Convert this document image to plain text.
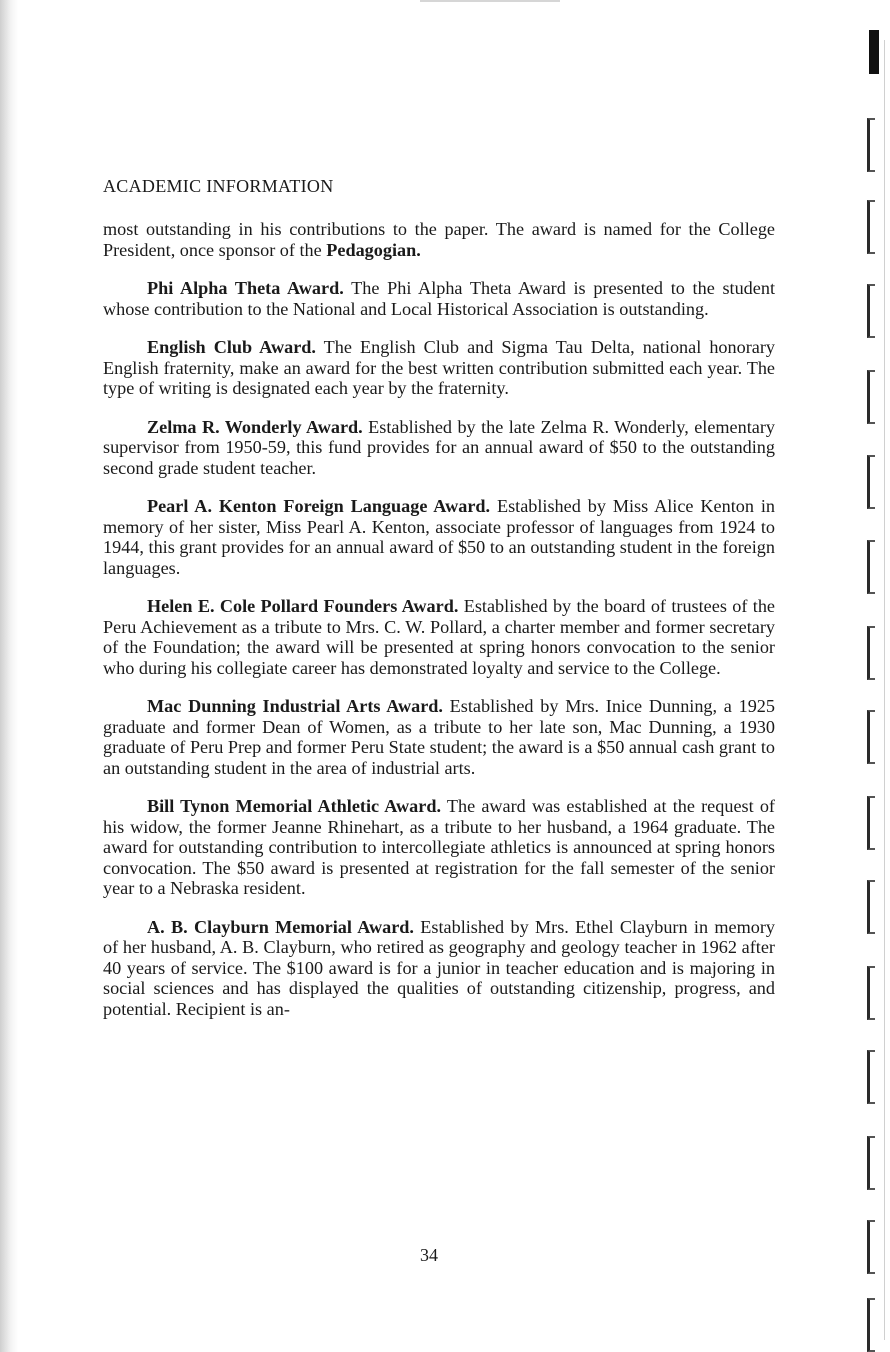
ACADEMIC INFORMATION

most outstanding in his contributions to the paper. The award is named for the College President, once sponsor of the Pedagogian.

Phi Alpha Theta Award. The Phi Alpha Theta Award is presented to the student whose contribution to the National and Local Historical Association is outstanding.

English Club Award. The English Club and Sigma Tau Delta, national honorary English fraternity, make an award for the best written contribution submitted each year. The type of writing is designated each year by the fraternity.

Zelma R. Wonderly Award. Established by the late Zelma R. Wonderly, elementary supervisor from 1950-59, this fund provides for an annual award of $50 to the outstanding second grade student teacher.

Pearl A. Kenton Foreign Language Award. Established by Miss Alice Kenton in memory of her sister, Miss Pearl A. Kenton, associate professor of languages from 1924 to 1944, this grant provides for an annual award of $50 to an outstanding student in the foreign languages.

Helen E. Cole Pollard Founders Award. Established by the board of trustees of the Peru Achievement as a tribute to Mrs. C. W. Pollard, a charter member and former secretary of the Foundation; the award will be presented at spring honors convocation to the senior who during his collegiate career has demonstrated loyalty and service to the College.

Mac Dunning Industrial Arts Award. Established by Mrs. Inice Dunning, a 1925 graduate and former Dean of Women, as a tribute to her late son, Mac Dunning, a 1930 graduate of Peru Prep and former Peru State student; the award is a $50 annual cash grant to an outstanding student in the area of industrial arts.

Bill Tynon Memorial Athletic Award. The award was established at the request of his widow, the former Jeanne Rhinehart, as a tribute to her husband, a 1964 graduate. The award for outstanding contribution to intercollegiate athletics is announced at spring honors convocation. The $50 award is presented at registration for the fall semester of the senior year to a Nebraska resident.

A. B. Clayburn Memorial Award. Established by Mrs. Ethel Clayburn in memory of her husband, A. B. Clayburn, who retired as geography and geology teacher in 1962 after 40 years of service. The $100 award is for a junior in teacher education and is majoring in social sciences and has displayed the qualities of outstanding citizenship, progress, and potential. Recipient is an-

34
